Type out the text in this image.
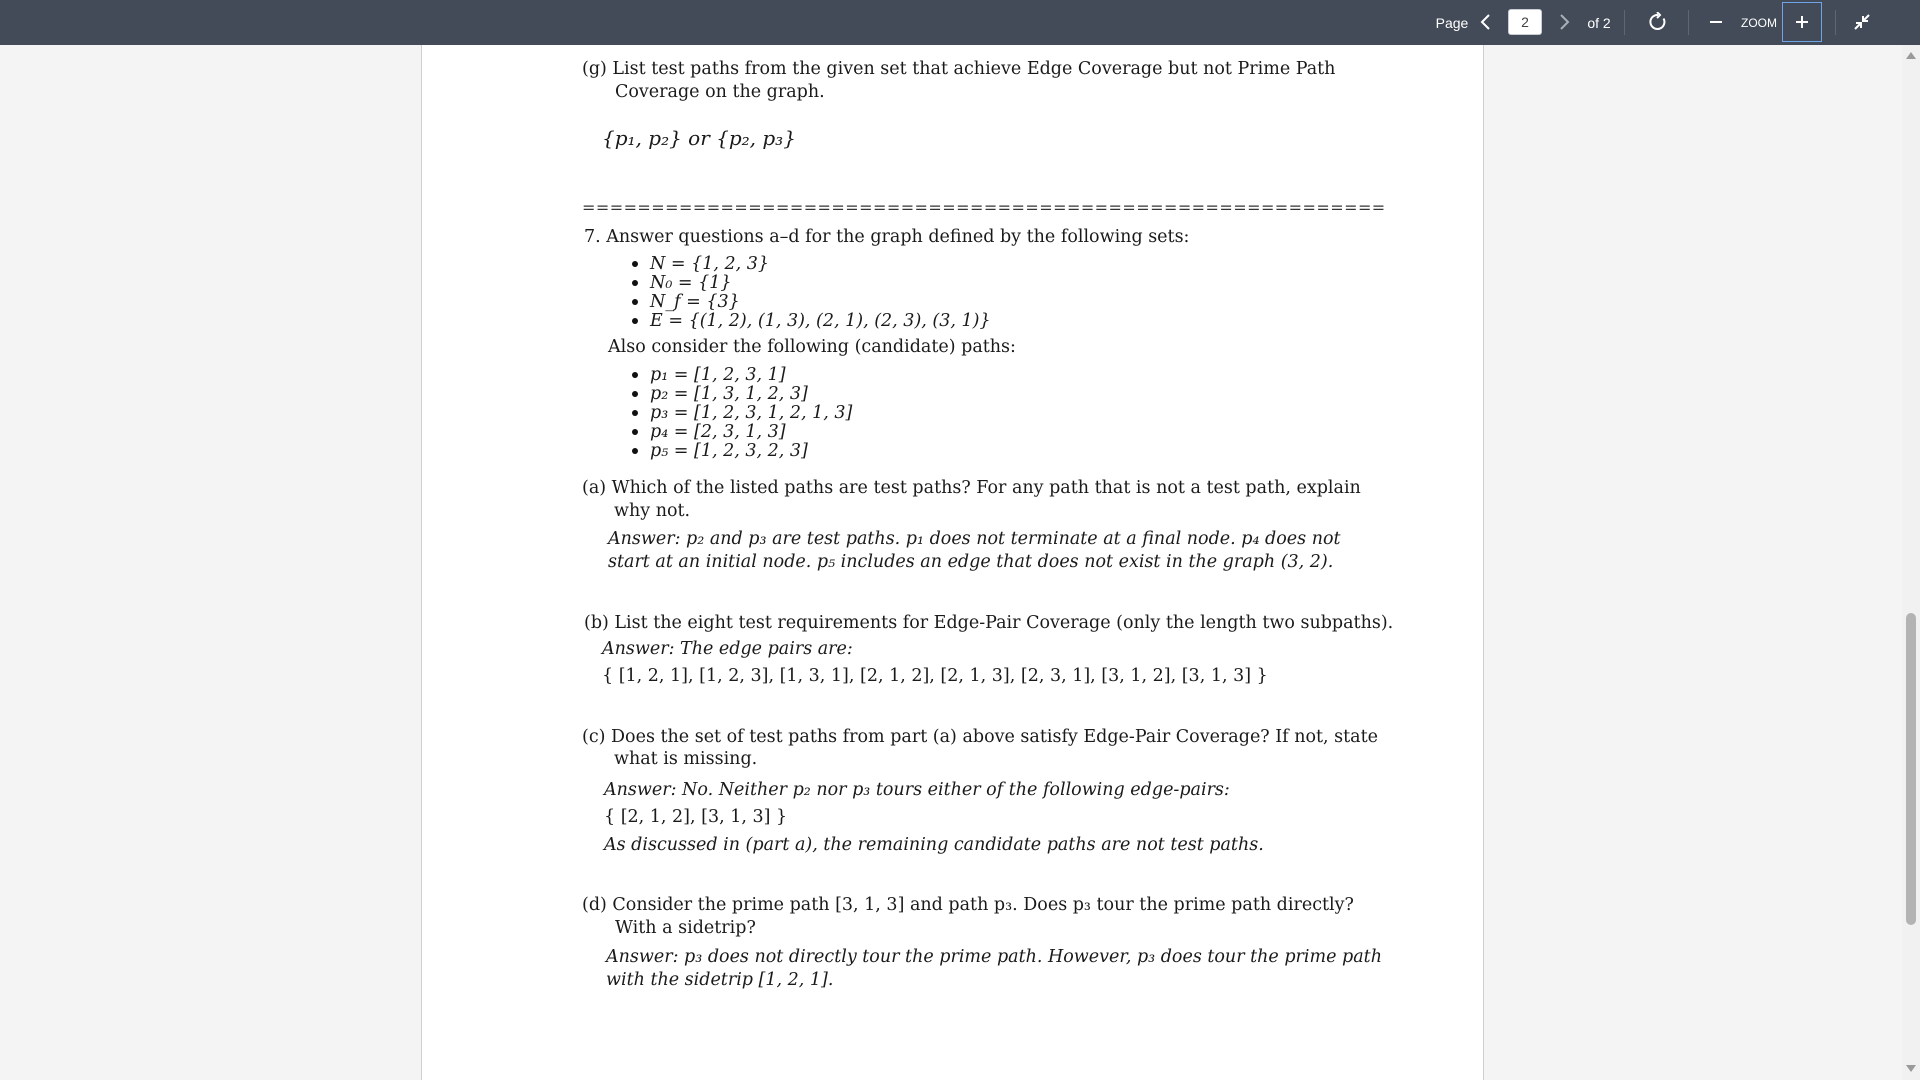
Page
2	of 2	ZOOM
(g) List test paths from the given set that achieve Edge Coverage but not Prime Path
Coverage on the graph.
{p₁, p₂} or {p₂, p₃}
==========================================================
7. Answer questions a–d for the graph defined by the following sets:
N = {1, 2, 3}
N₀ = {1}
N_f = {3}
E = {(1, 2), (1, 3), (2, 1), (2, 3), (3, 1)}
Also consider the following (candidate) paths:
p₁ = [1, 2, 3, 1]
p₂ = [1, 3, 1, 2, 3]
p₃ = [1, 2, 3, 1, 2, 1, 3]
p₄ = [2, 3, 1, 3]
p₅ = [1, 2, 3, 2, 3]
(a) Which of the listed paths are test paths? For any path that is not a test path, explain
why not.
Answer: p₂ and p₃ are test paths. p₁ does not terminate at a final node. p₄ does not
start at an initial node. p₅ includes an edge that does not exist in the graph (3, 2).
(b) List the eight test requirements for Edge-Pair Coverage (only the length two subpaths).
Answer: The edge pairs are:
{ [1, 2, 1], [1, 2, 3], [1, 3, 1], [2, 1, 2], [2, 1, 3], [2, 3, 1], [3, 1, 2], [3, 1, 3] }
(c) Does the set of test paths from part (a) above satisfy Edge-Pair Coverage? If not, state
what is missing.
Answer: No. Neither p₂ nor p₃ tours either of the following edge-pairs:
{ [2, 1, 2], [3, 1, 3] }
As discussed in (part a), the remaining candidate paths are not test paths.
(d) Consider the prime path [3, 1, 3] and path p₃. Does p₃ tour the prime path directly?
With a sidetrip?
Answer: p₃ does not directly tour the prime path. However, p₃ does tour the prime path
with the sidetrip [1, 2, 1].
